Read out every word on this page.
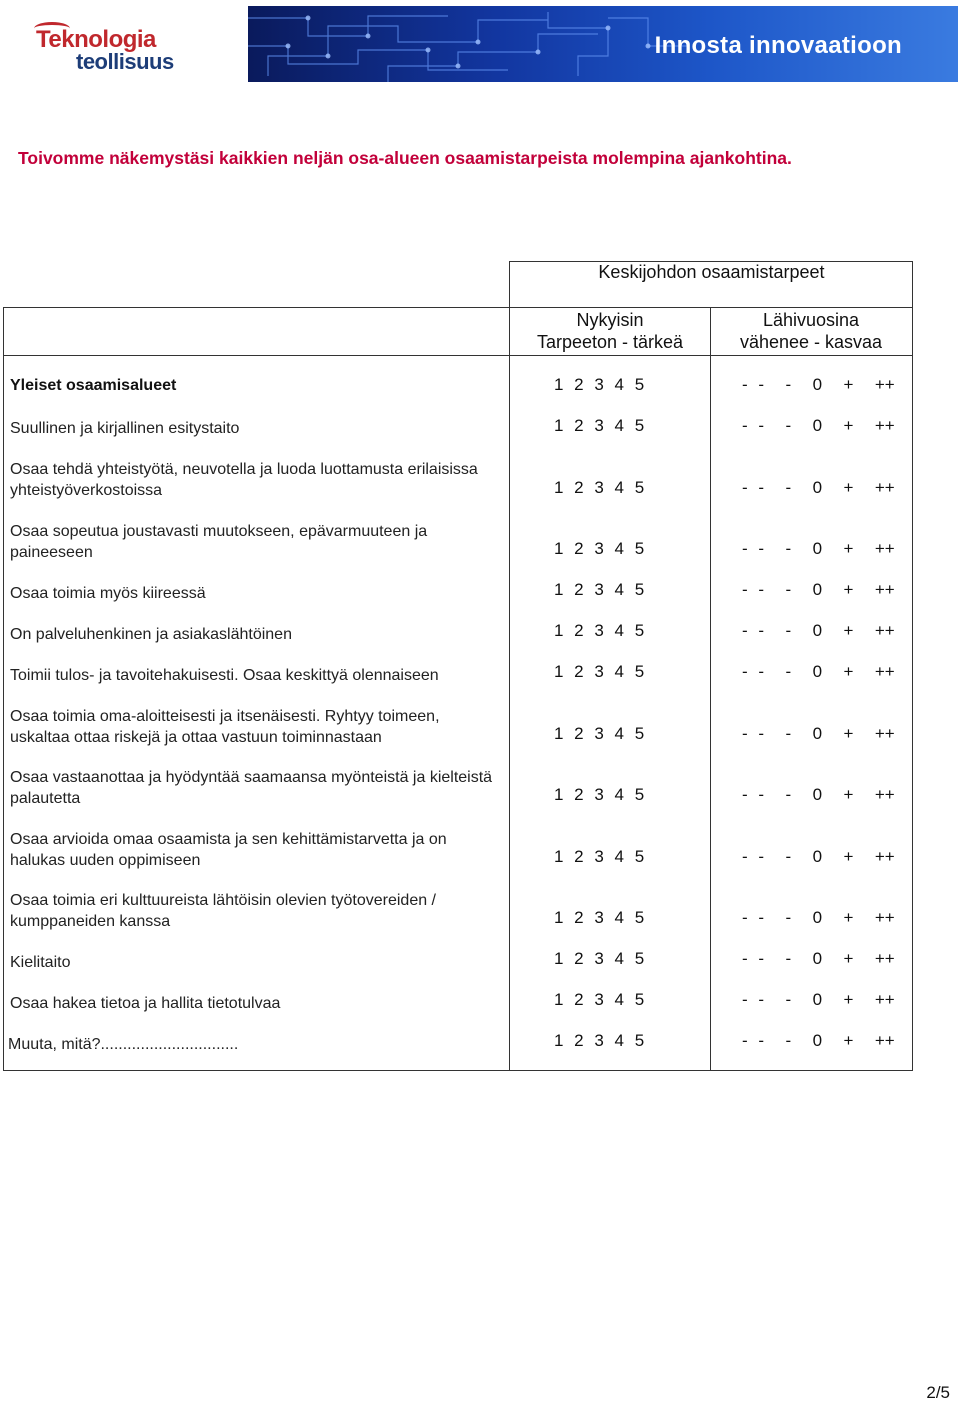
Teknologia
teollisuus
Innosta innovaatioon
Toivomme näkemystäsi kaikkien neljän osa-alueen osaamistarpeista molempina ajankohtina.
Keskijohdon osaamistarpeet
Nykyisin
Tarpeeton - tärkeä
Lähivuosina
vähenee - kasvaa
Yleiset osaamisalueet	1 2 3 4 5	- -  -  0  +  ++
Suullinen ja kirjallinen esitystaito	1 2 3 4 5	- -  -  0  +  ++
Osaa tehdä yhteistyötä, neuvotella ja luoda luottamusta erilaisissa yhteistyöverkostoissa	1 2 3 4 5	- -  -  0  +  ++
Osaa sopeutua joustavasti muutokseen, epävarmuuteen ja paineeseen	1 2 3 4 5	- -  -  0  +  ++
Osaa toimia myös kiireessä	1 2 3 4 5	- -  -  0  +  ++
On palveluhenkinen ja asiakaslähtöinen	1 2 3 4 5	- -  -  0  +  ++
Toimii tulos- ja tavoitehakuisesti. Osaa keskittyä olennaiseen	1 2 3 4 5	- -  -  0  +  ++
Osaa toimia oma-aloitteisesti ja itsenäisesti. Ryhtyy toimeen, uskaltaa ottaa riskejä ja ottaa vastuun toiminnastaan	1 2 3 4 5	- -  -  0  +  ++
Osaa vastaanottaa ja hyödyntää saamaansa myönteistä ja kielteistä palautetta	1 2 3 4 5	- -  -  0  +  ++
Osaa arvioida omaa osaamista ja sen kehittämistarvetta ja on halukas uuden oppimiseen	1 2 3 4 5	- -  -  0  +  ++
Osaa toimia eri kulttuureista lähtöisin olevien työtovereiden / kumppaneiden kanssa	1 2 3 4 5	- -  -  0  +  ++
Kielitaito	1 2 3 4 5	- -  -  0  +  ++
Osaa hakea tietoa ja hallita tietotulvaa	1 2 3 4 5	- -  -  0  +  ++
Muuta, mitä?...............................	1 2 3 4 5	- -  -  0  +  ++
2/5
